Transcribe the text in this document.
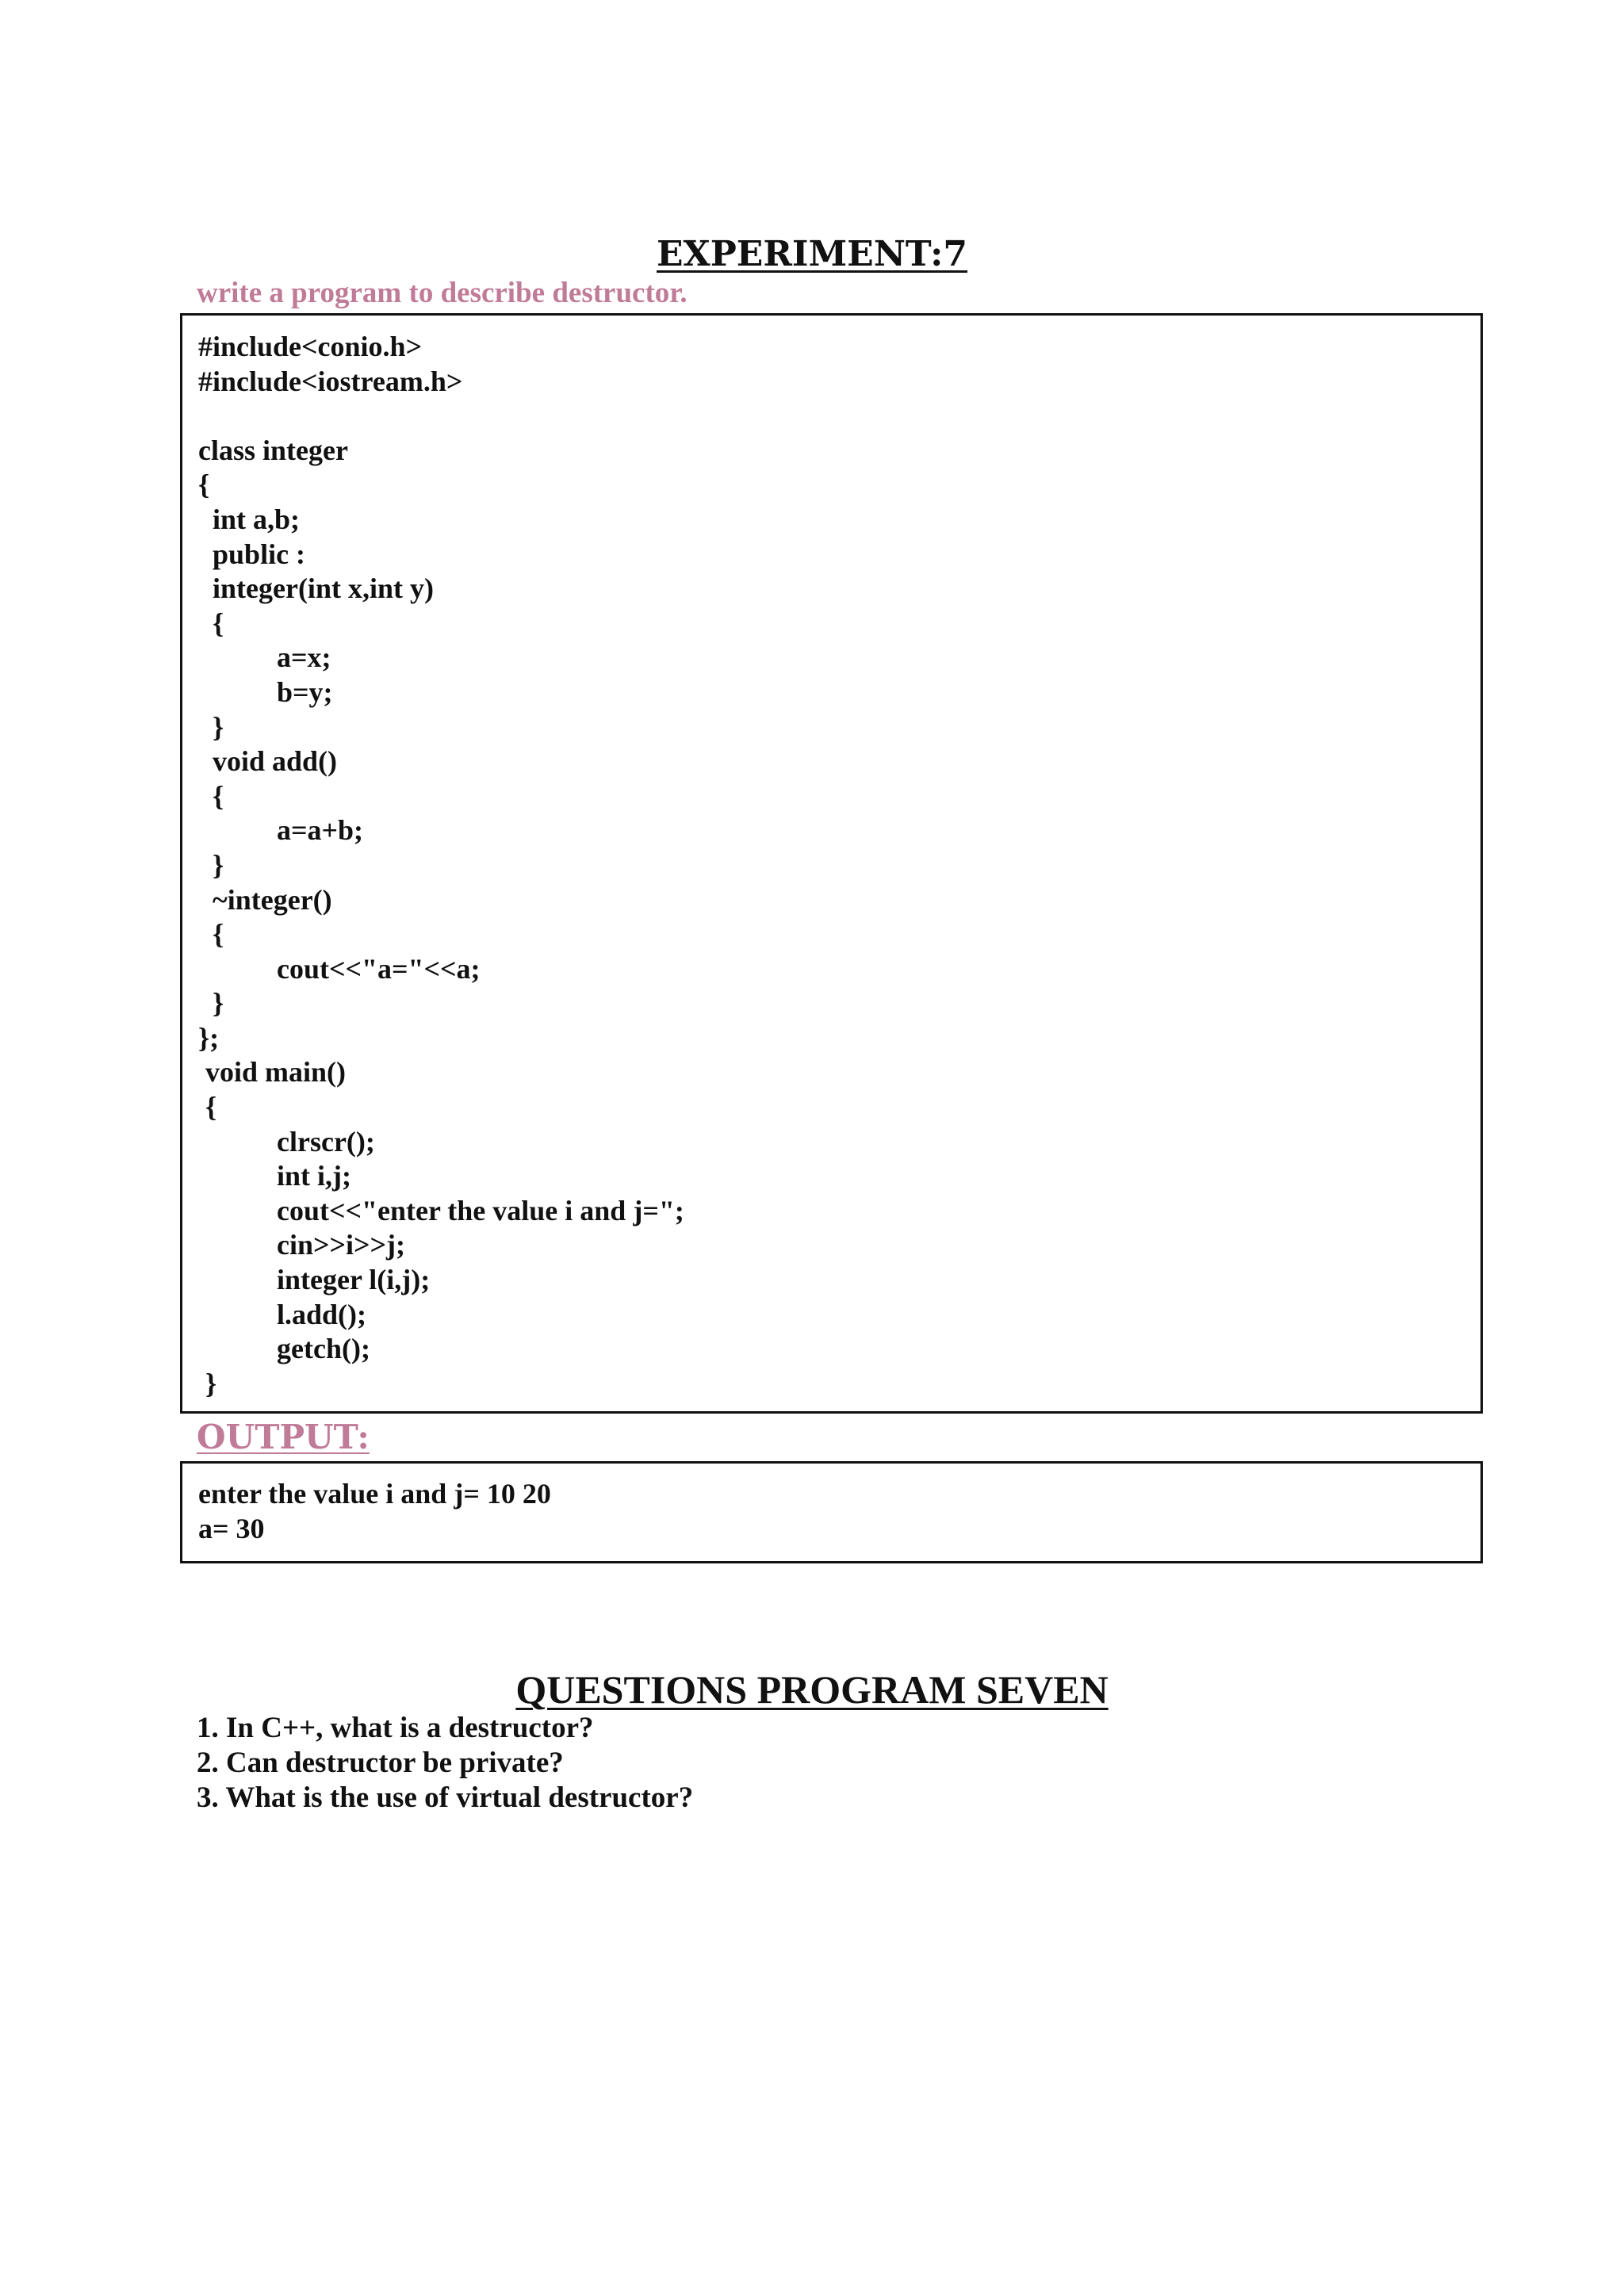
EXPERIMENT:7

write a program to describe destructor.

#include<conio.h>
#include<iostream.h>
class integer
{
int a,b;
public :
integer(int x,int y)
{
a=x;
b=y;
}
void add()
{
a=a+b;
}
~integer()
{
cout<<"a="<<a;
}
};
void main()
{
clrscr();
int i,j;
cout<<"enter the value i and j=";
cin>>i>>j;
integer l(i,j);
l.add();
getch();
}
OUTPUT:
enter the value i and j= 10 20
a= 30
QUESTIONS PROGRAM SEVEN
1. In C++, what is a destructor?
2. Can destructor be private?
3. What is the use of virtual destructor?
